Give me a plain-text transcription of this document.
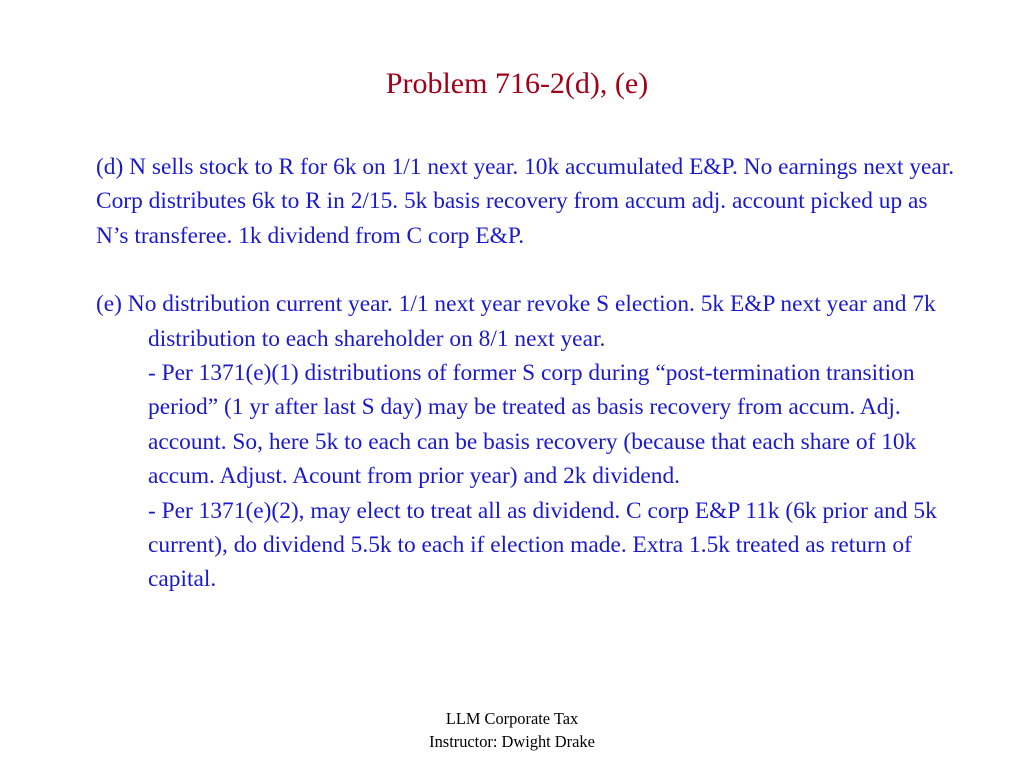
Problem 716-2(d), (e)

(d) N sells stock to R for 6k on 1/1 next year. 10k accumulated E&P. No earnings next year. Corp distributes 6k to R in 2/15. 5k basis recovery from accum adj. account picked up as N’s transferee. 1k dividend from C corp E&P.

(e) No distribution current year. 1/1 next year revoke S election. 5k E&P next year and 7k distribution to each shareholder on 8/1 next year.

- Per 1371(e)(1) distributions of former S corp during “post-termination transition period” (1 yr after last S day) may be treated as basis recovery from accum. Adj. account. So, here 5k to each can be basis recovery (because that each share of 10k accum. Adjust. Acount from prior year) and 2k dividend.

- Per 1371(e)(2), may elect to treat all as dividend. C corp E&P 11k (6k prior and 5k current), do dividend 5.5k to each if election made. Extra 1.5k treated as return of capital.

LLM Corporate Tax
Instructor: Dwight Drake
